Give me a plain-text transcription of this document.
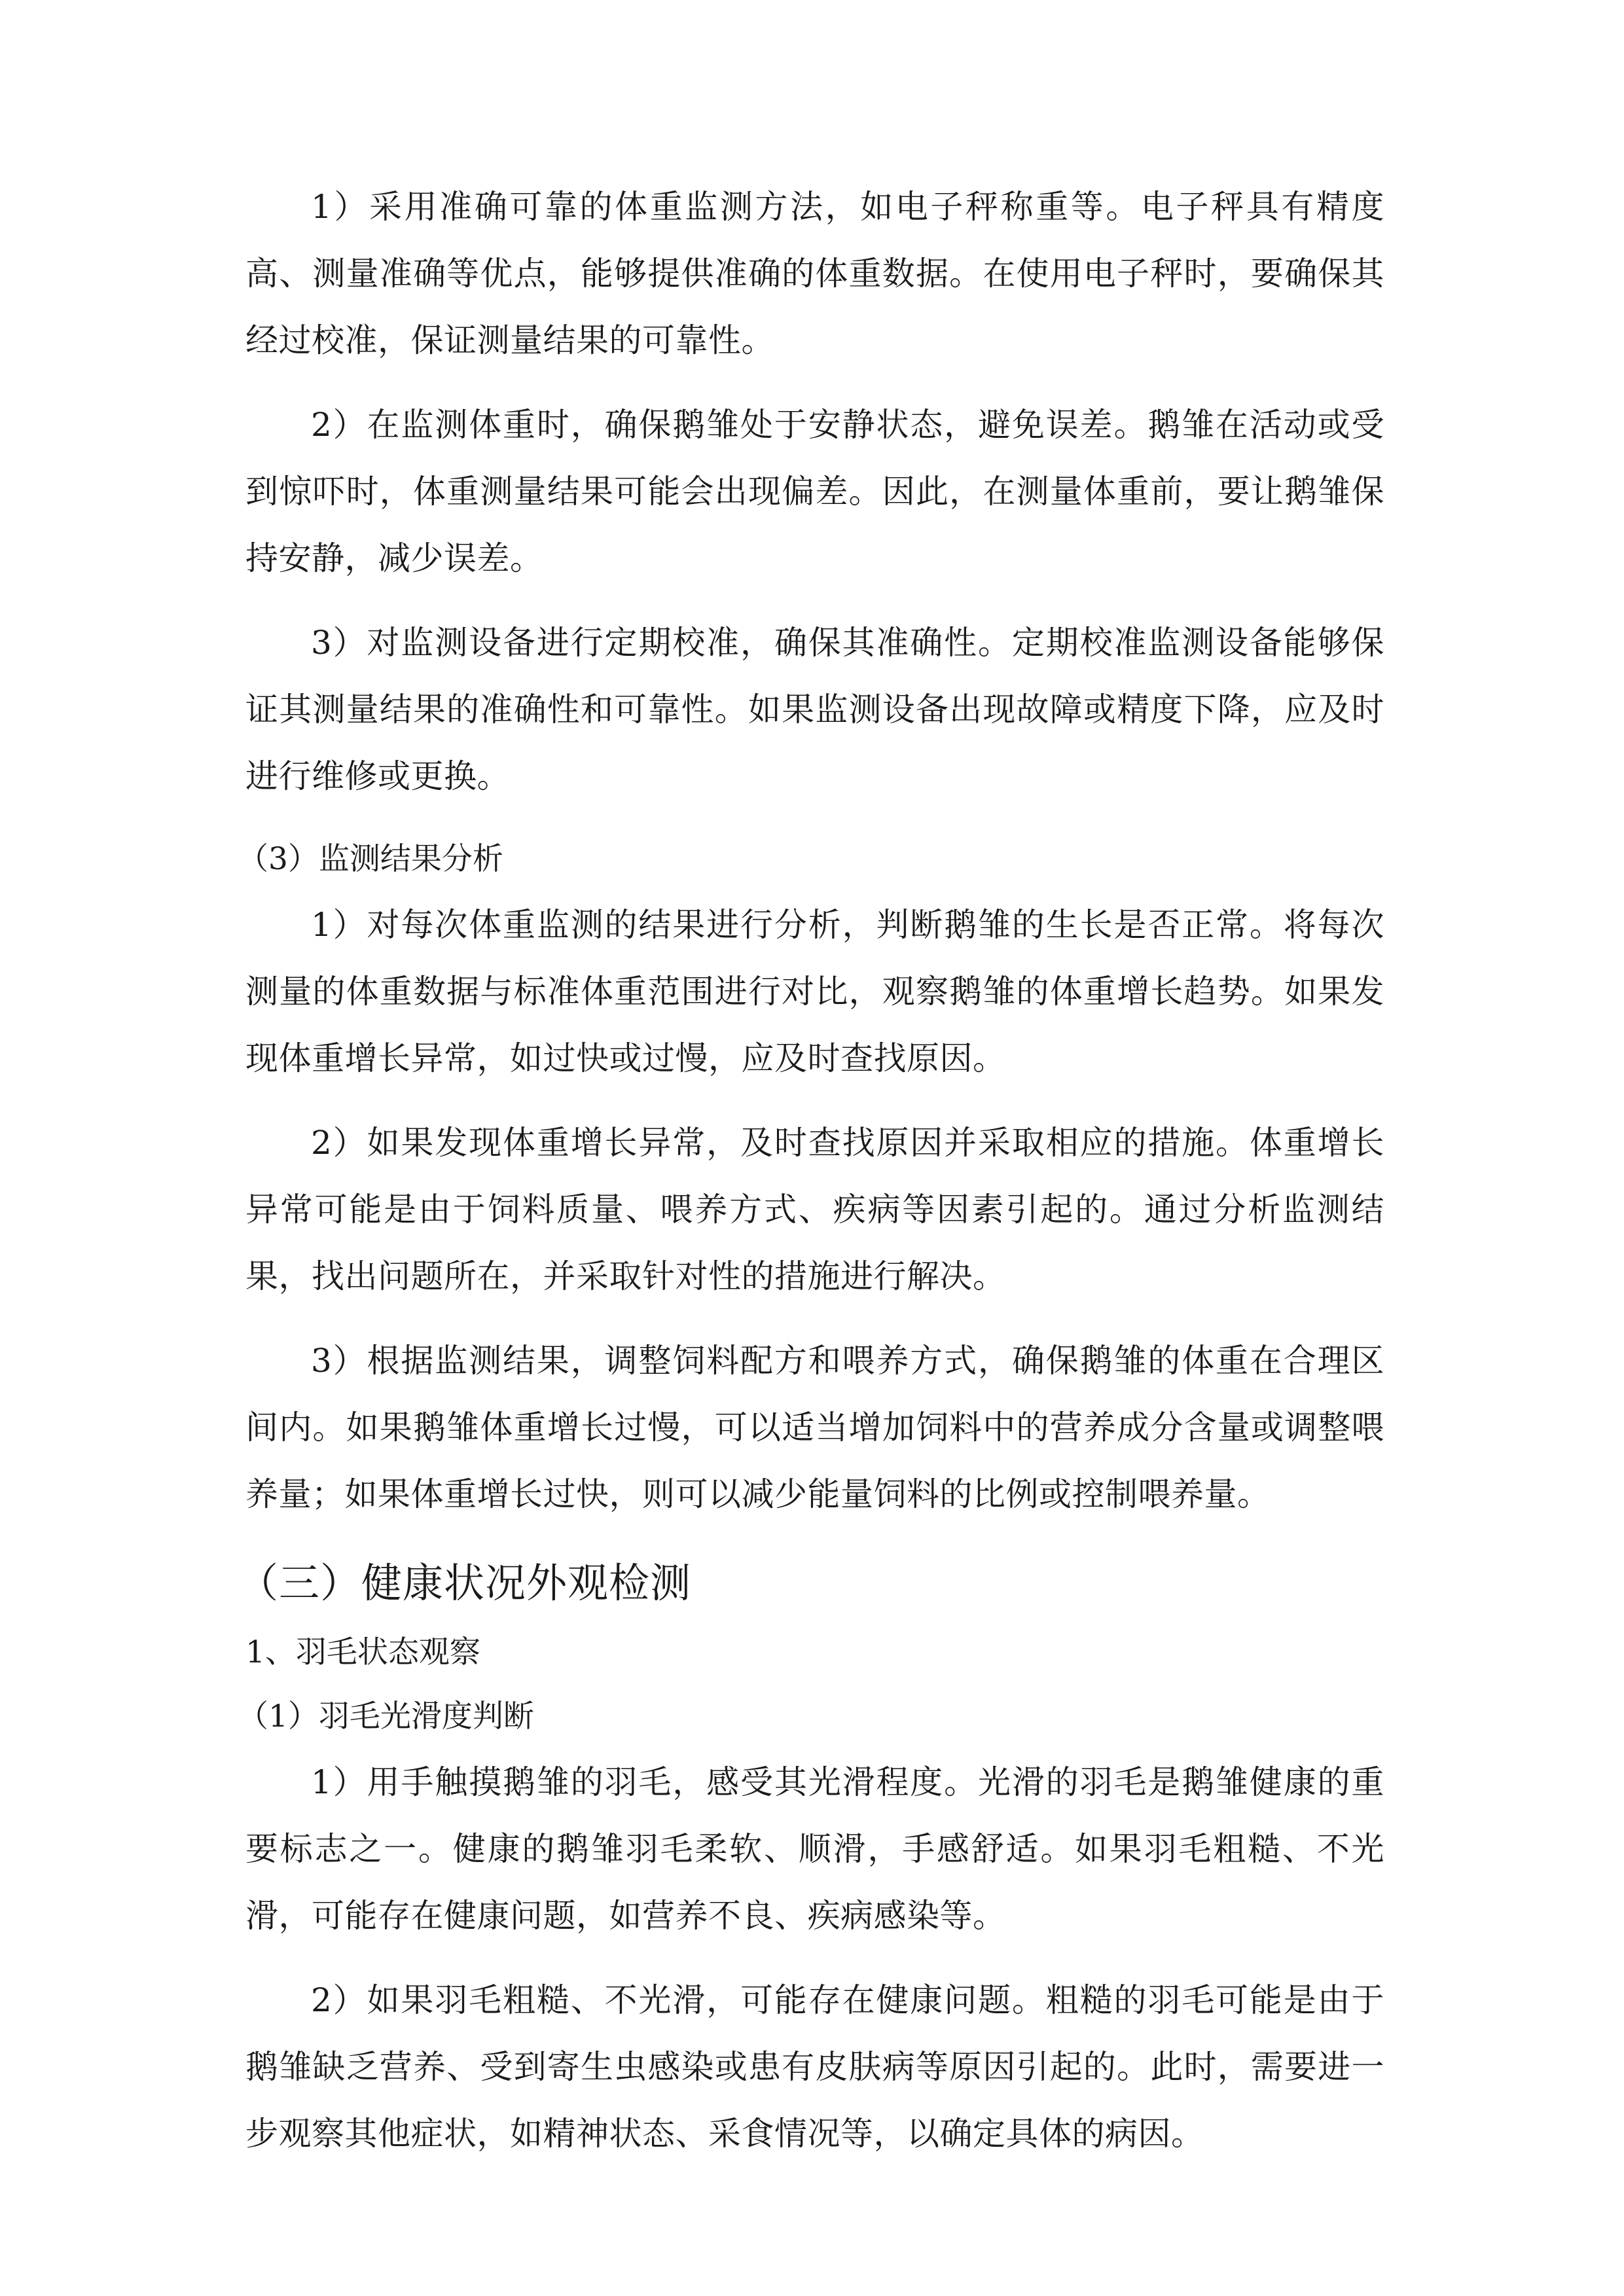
1）采用准确可靠的体重监测方法，如电子秤称重等。电子秤具有精度高、测量准确等优点，能够提供准确的体重数据。在使用电子秤时，要确保其经过校准，保证测量结果的可靠性。

2）在监测体重时，确保鹅雏处于安静状态，避免误差。鹅雏在活动或受到惊吓时，体重测量结果可能会出现偏差。因此，在测量体重前，要让鹅雏保持安静，减少误差。

3）对监测设备进行定期校准，确保其准确性。定期校准监测设备能够保证其测量结果的准确性和可靠性。如果监测设备出现故障或精度下降，应及时进行维修或更换。

（3）监测结果分析

1）对每次体重监测的结果进行分析，判断鹅雏的生长是否正常。将每次测量的体重数据与标准体重范围进行对比，观察鹅雏的体重增长趋势。如果发现体重增长异常，如过快或过慢，应及时查找原因。

2）如果发现体重增长异常，及时查找原因并采取相应的措施。体重增长异常可能是由于饲料质量、喂养方式、疾病等因素引起的。通过分析监测结果，找出问题所在，并采取针对性的措施进行解决。

3）根据监测结果，调整饲料配方和喂养方式，确保鹅雏的体重在合理区间内。如果鹅雏体重增长过慢，可以适当增加饲料中的营养成分含量或调整喂养量；如果体重增长过快，则可以减少能量饲料的比例或控制喂养量。

（三）健康状况外观检测

1、羽毛状态观察

（1）羽毛光滑度判断

1）用手触摸鹅雏的羽毛，感受其光滑程度。光滑的羽毛是鹅雏健康的重要标志之一。健康的鹅雏羽毛柔软、顺滑，手感舒适。如果羽毛粗糙、不光滑，可能存在健康问题，如营养不良、疾病感染等。

2）如果羽毛粗糙、不光滑，可能存在健康问题。粗糙的羽毛可能是由于鹅雏缺乏营养、受到寄生虫感染或患有皮肤病等原因引起的。此时，需要进一步观察其他症状，如精神状态、采食情况等，以确定具体的病因。
